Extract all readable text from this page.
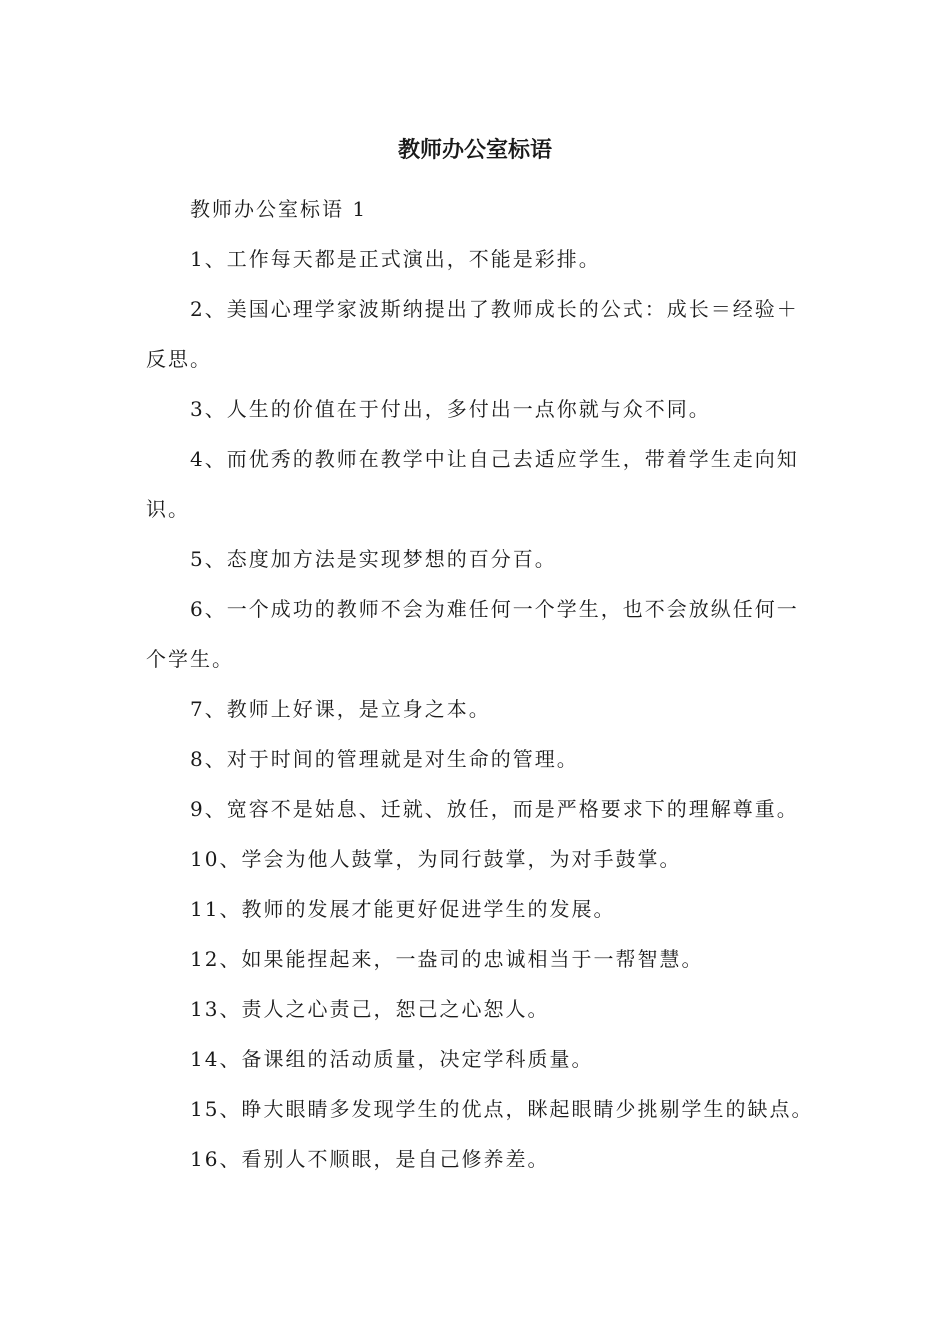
教师办公室标语

教师办公室标语 1

1、工作每天都是正式演出，不能是彩排。

2、美国心理学家波斯纳提出了教师成长的公式：成长＝经验＋反思。

3、人生的价值在于付出，多付出一点你就与众不同。

4、而优秀的教师在教学中让自己去适应学生，带着学生走向知识。

5、态度加方法是实现梦想的百分百。

6、一个成功的教师不会为难任何一个学生，也不会放纵任何一个学生。

7、教师上好课，是立身之本。

8、对于时间的管理就是对生命的管理。

9、宽容不是姑息、迁就、放任，而是严格要求下的理解尊重。

10、学会为他人鼓掌，为同行鼓掌，为对手鼓掌。

11、教师的发展才能更好促进学生的发展。

12、如果能捏起来，一盎司的忠诚相当于一帮智慧。

13、责人之心责己，恕己之心恕人。

14、备课组的活动质量，决定学科质量。

15、睁大眼睛多发现学生的优点，眯起眼睛少挑剔学生的缺点。

16、看别人不顺眼，是自己修养差。
